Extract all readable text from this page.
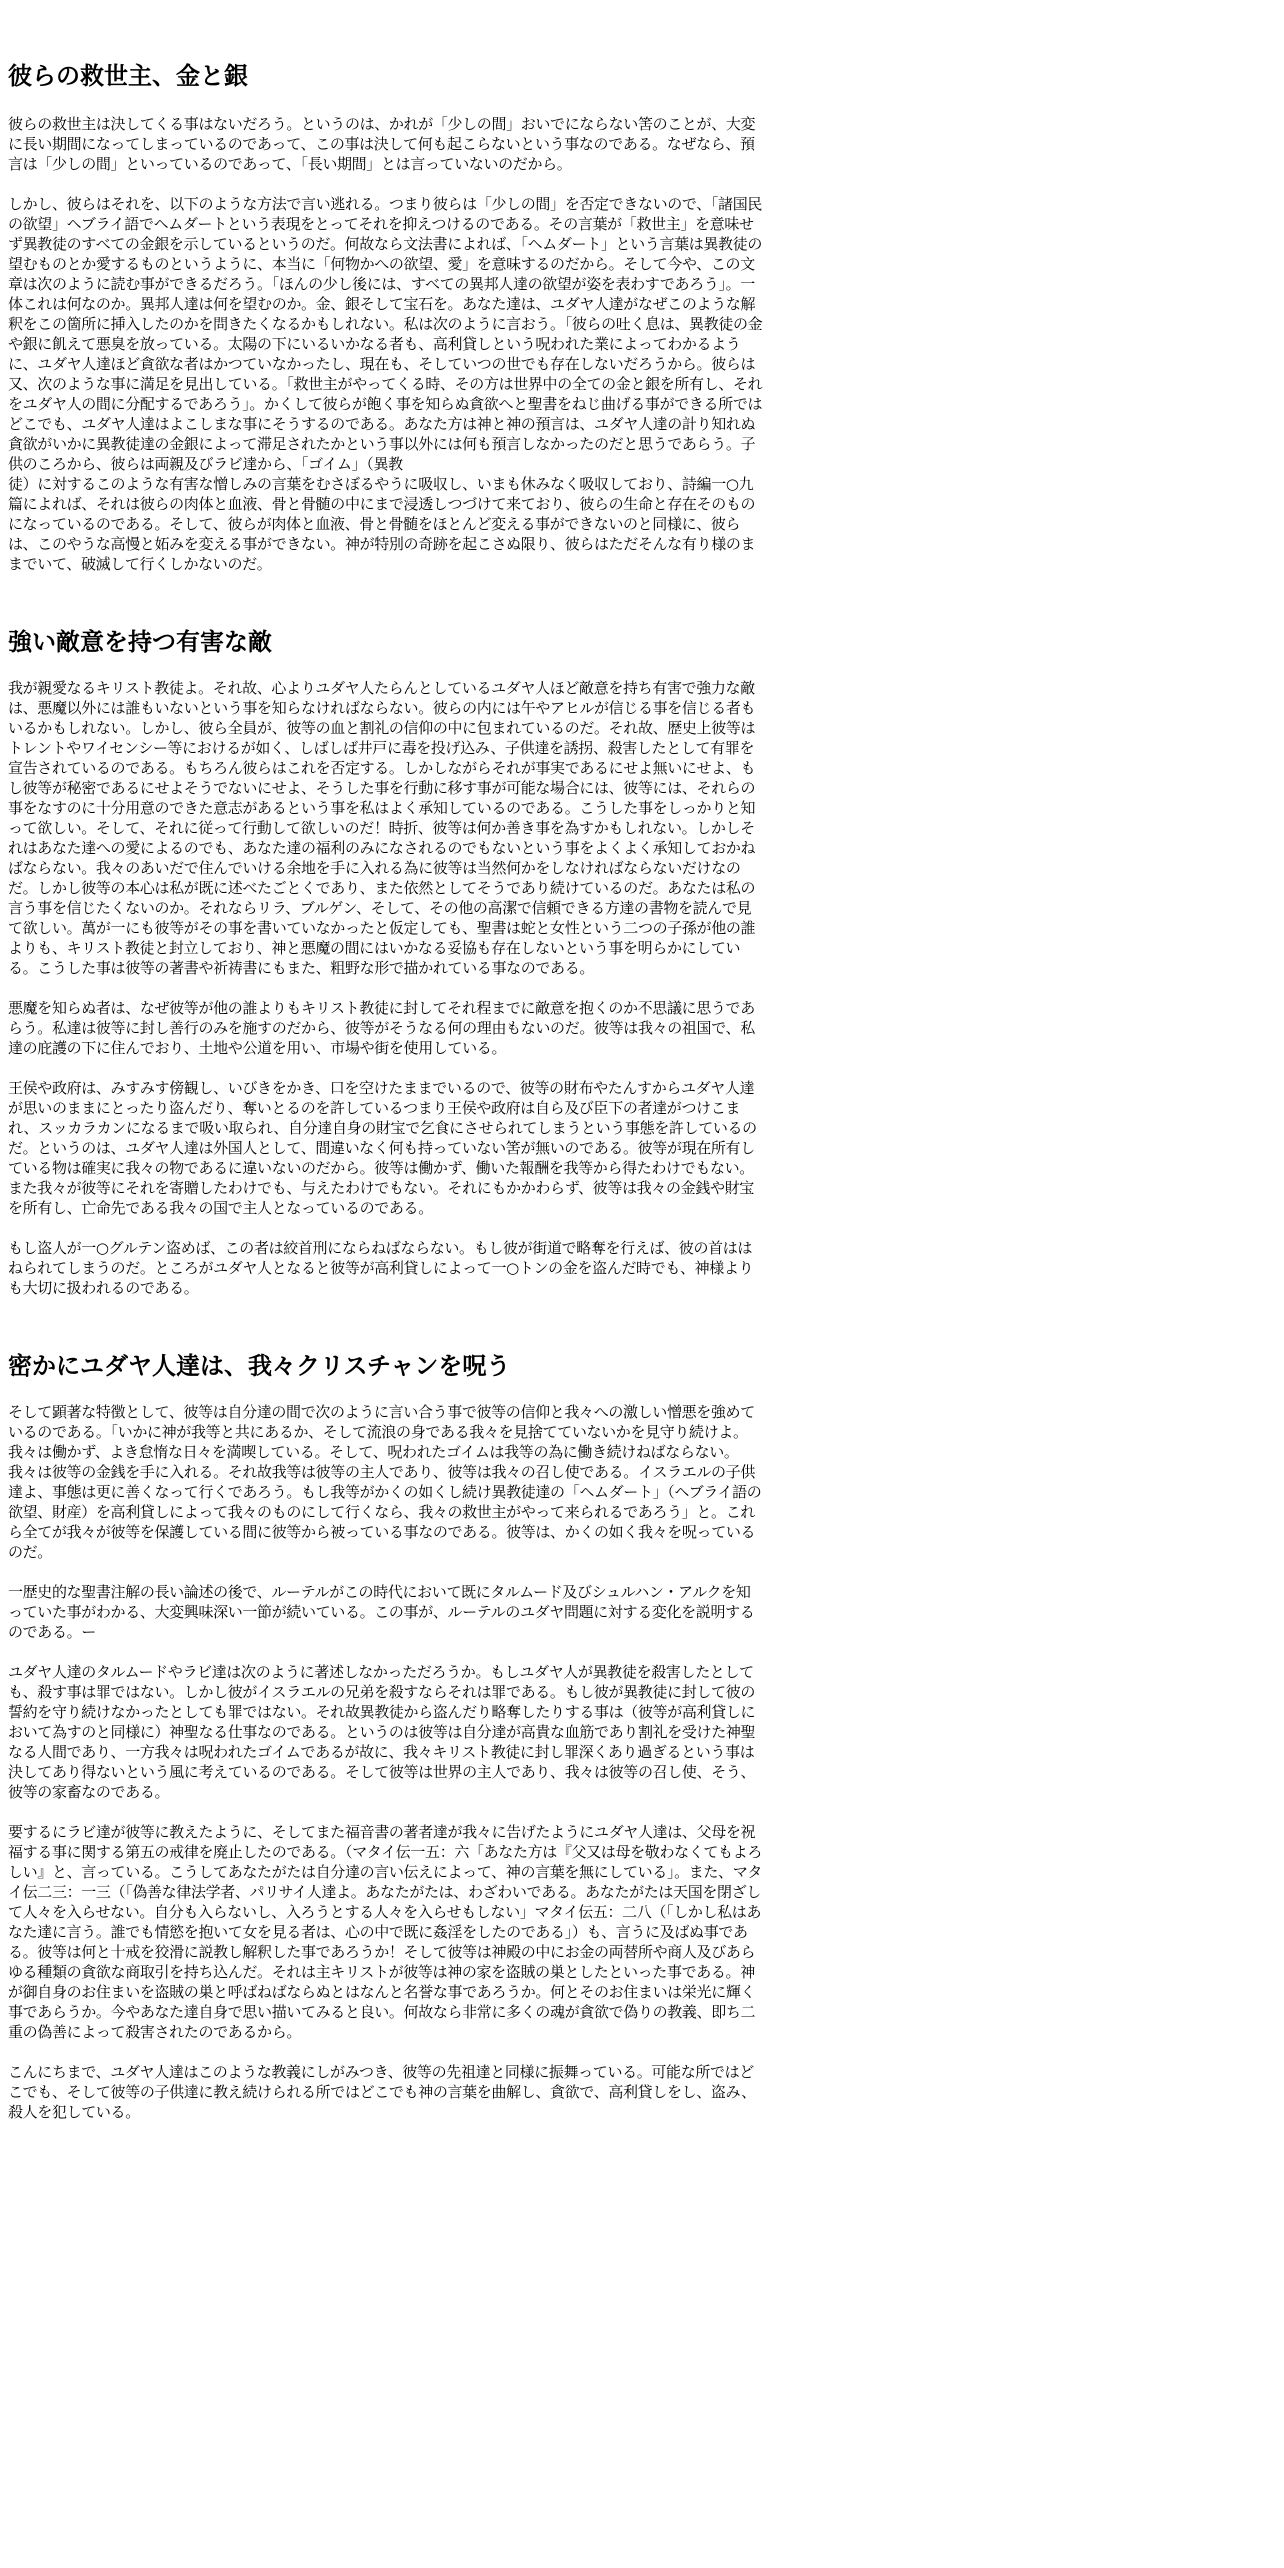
彼らの救世主、金と銀

彼らの救世主は決してくる事はないだろう。というのは、かれが「少しの間」おいでにならない筈のことが、大変に長い期間になってしまっているのであって、この事は決して何も起こらないという事なのである。なぜなら、預言は「少しの間」といっているのであって、「長い期間」とは言っていないのだから。

しかし、彼らはそれを、以下のような方法で言い逃れる。つまり彼らは「少しの間」を否定できないので、「諸国民の欲望」ヘブライ語でヘムダートという表現をとってそれを抑えつけるのである。その言葉が「救世主」を意味せず異教徒のすべての金銀を示しているというのだ。何故なら文法書によれば、「ヘムダート」という言葉は異教徒の望むものとか愛するものというように、本当に「何物かへの欲望、愛」を意味するのだから。そして今や、この文章は次のように読む事ができるだろう。「ほんの少し後には、すべての異邦人達の欲望が姿を表わすであろう」。一体これは何なのか。異邦人達は何を望むのか。金、銀そして宝石を。あなた達は、ユダヤ人達がなぜこのような解釈をこの箇所に挿入したのかを問きたくなるかもしれない。私は次のように言おう。「彼らの吐く息は、異教徒の金や銀に飢えて悪臭を放っている。太陽の下にいるいかなる者も、高利貸しという呪われた業によってわかるように、ユダヤ人達ほど貪欲な者はかつていなかったし、現在も、そしていつの世でも存在しないだろうから。彼らは又、次のような事に満足を見出している。「救世主がやってくる時、その方は世界中の全ての金と銀を所有し、それをユダヤ人の間に分配するであろう」。かくして彼らが飽く事を知らぬ貪欲へと聖書をねじ曲げる事ができる所ではどこでも、ユダヤ人達はよこしまな事にそうするのである。あなた方は神と神の預言は、ユダヤ人達の計り知れぬ貪欲がいかに異教徒達の金銀によって滞足されたかという事以外には何も預言しなかったのだと思うであらう。子供のころから、彼らは両親及びラビ達から、「ゴイム」（異教

徒）に対するこのような有害な憎しみの言葉をむさぼるやうに吸収し、いまも休みなく吸収しており、詩編一○九篇によれば、それは彼らの肉体と血液、骨と骨髄の中にまで浸透しつづけて来ており、彼らの生命と存在そのものになっているのである。そして、彼らが肉体と血液、骨と骨髄をほとんど変える事ができないのと同様に、彼らは、このやうな高慢と妬みを変える事ができない。神が特別の奇跡を起こさぬ限り、彼らはただそんな有り様のままでいて、破滅して行くしかないのだ。

強い敵意を持つ有害な敵

我が親愛なるキリスト教徒よ。それ故、心よりユダヤ人たらんとしているユダヤ人ほど敵意を持ち有害で強力な敵は、悪魔以外には誰もいないという事を知らなければならない。彼らの内には午やアヒルが信じる事を信じる者もいるかもしれない。しかし、彼ら全員が、彼等の血と割礼の信仰の中に包まれているのだ。それ故、歴史上彼等はトレントやワイセンシー等におけるが如く、しばしば井戸に毒を投げ込み、子供達を誘拐、殺害したとして有罪を宣告されているのである。もちろん彼らはこれを否定する。しかしながらそれが事実であるにせよ無いにせよ、もし彼等が秘密であるにせよそうでないにせよ、そうした事を行動に移す事が可能な場合には、彼等には、それらの事をなすのに十分用意のできた意志があるという事を私はよく承知しているのである。こうした事をしっかりと知って欲しい。そして、それに従って行動して欲しいのだ！時折、彼等は何か善き事を為すかもしれない。しかしそれはあなた達への愛によるのでも、あなた達の福利のみになされるのでもないという事をよくよく承知しておかねばならない。我々のあいだで住んでいける余地を手に入れる為に彼等は当然何かをしなければならないだけなのだ。しかし彼等の本心は私が既に述べたごとくであり、また依然としてそうであり続けているのだ。あなたは私の言う事を信じたくないのか。それならリラ、ブルゲン、そして、その他の高潔で信頼できる方達の書物を読んで見て欲しい。萬が一にも彼等がその事を書いていなかったと仮定しても、聖書は蛇と女性という二つの子孫が他の誰よりも、キリスト教徒と封立しており、神と悪魔の間にはいかなる妥協も存在しないという事を明らかにしている。こうした事は彼等の著書や祈祷書にもまた、粗野な形で描かれている事なのである。

悪魔を知らぬ者は、なぜ彼等が他の誰よりもキリスト教徒に封してそれ程までに敵意を抱くのか不思議に思うであらう。私達は彼等に封し善行のみを施すのだから、彼等がそうなる何の理由もないのだ。彼等は我々の祖国で、私達の庇護の下に住んでおり、土地や公道を用い、市場や街を使用している。

王侯や政府は、みすみす傍観し、いびきをかき、口を空けたままでいるので、彼等の財布やたんすからユダヤ人達が思いのままにとったり盗んだり、奪いとるのを許しているつまり王侯や政府は自ら及び臣下の者達がつけこまれ、スッカラカンになるまで吸い取られ、自分達自身の財宝で乞食にさせられてしまうという事態を許しているのだ。というのは、ユダヤ人達は外国人として、間違いなく何も持っていない筈が無いのである。彼等が現在所有している物は確実に我々の物であるに違いないのだから。彼等は働かず、働いた報酬を我等から得たわけでもない。また我々が彼等にそれを寄贈したわけでも、与えたわけでもない。それにもかかわらず、彼等は我々の金銭や財宝を所有し、亡命先である我々の国で主人となっているのである。

もし盗人が一○グルテン盗めば、この者は絞首刑にならねばならない。もし彼が街道で略奪を行えば、彼の首ははねられてしまうのだ。ところがユダヤ人となると彼等が高利貸しによって一○トンの金を盗んだ時でも、神様よりも大切に扱われるのである。

密かにユダヤ人達は、我々クリスチャンを呪う

そして顕著な特徴として、彼等は自分達の間で次のように言い合う事で彼等の信仰と我々への激しい憎悪を強めているのである。「いかに神が我等と共にあるか、そして流浪の身である我々を見捨てていないかを見守り続けよ。我々は働かず、よき怠惰な日々を満喫している。そして、呪われたゴイムは我等の為に働き続けねばならない。我々は彼等の金銭を手に入れる。それ故我等は彼等の主人であり、彼等は我々の召し使である。イスラエルの子供達よ、事態は更に善くなって行くであろう。もし我等がかくの如くし続け異教徒達の「ヘムダート」（ヘブライ語の欲望、財産）を高利貸しによって我々のものにして行くなら、我々の救世主がやって来られるであろう」と。これら全てが我々が彼等を保護している間に彼等から被っている事なのである。彼等は、かくの如く我々を呪っているのだ。

一歴史的な聖書注解の長い論述の後で、ルーテルがこの時代において既にタルムード及びシュルハン・アルクを知っていた事がわかる、大変興味深い一節が続いている。この事が、ルーテルのユダヤ問題に対する変化を説明するのである。ー

ユダヤ人達のタルムードやラビ達は次のように著述しなかっただろうか。もしユダヤ人が異教徒を殺害したとしても、殺す事は罪ではない。しかし彼がイスラエルの兄弟を殺すならそれは罪である。もし彼が異教徒に封して彼の誓約を守り続けなかったとしても罪ではない。それ故異教徒から盗んだり略奪したりする事は（彼等が高利貸しにおいて為すのと同様に）神聖なる仕事なのである。というのは彼等は自分達が高貴な血筋であり割礼を受けた神聖なる人間であり、一方我々は呪われたゴイムであるが故に、我々キリスト教徒に封し罪深くあり過ぎるという事は決してあり得ないという風に考えているのである。そして彼等は世界の主人であり、我々は彼等の召し使、そう、彼等の家畜なのである。

要するにラビ達が彼等に教えたように、そしてまた福音書の著者達が我々に告げたようにユダヤ人達は、父母を祝福する事に関する第五の戒律を廃止したのである。（マタイ伝一五：六「あなた方は『父又は母を敬わなくてもよろしい』と、言っている。こうしてあなたがたは自分達の言い伝えによって、神の言葉を無にしている」。また、マタイ伝二三：一三（「偽善な律法学者、パリサイ人達よ。あなたがたは、わざわいである。あなたがたは天国を閉ざして人々を入らせない。自分も入らないし、入ろうとする人々を入らせもしない」マタイ伝五：二八（「しかし私はあなた達に言う。誰でも情慾を抱いて女を見る者は、心の中で既に姦淫をしたのである」）も、言うに及ばぬ事である。彼等は何と十戒を狡滑に説教し解釈した事であろうか！そして彼等は神殿の中にお金の両替所や商人及びあらゆる種類の貪欲な商取引を持ち込んだ。それは主キリストが彼等は神の家を盗賊の巣としたといった事である。神が御自身のお住まいを盗賊の巣と呼ばねばならぬとはなんと名誉な事であろうか。何とそのお住まいは栄光に輝く事であらうか。今やあなた達自身で思い描いてみると良い。何故なら非常に多くの魂が貪欲で偽りの教義、即ち二重の偽善によって殺害されたのであるから。

こんにちまで、ユダヤ人達はこのような教義にしがみつき、彼等の先祖達と同様に振舞っている。可能な所ではどこでも、そして彼等の子供達に教え続けられる所ではどこでも神の言葉を曲解し、貪欲で、高利貸しをし、盗み、殺人を犯している。
